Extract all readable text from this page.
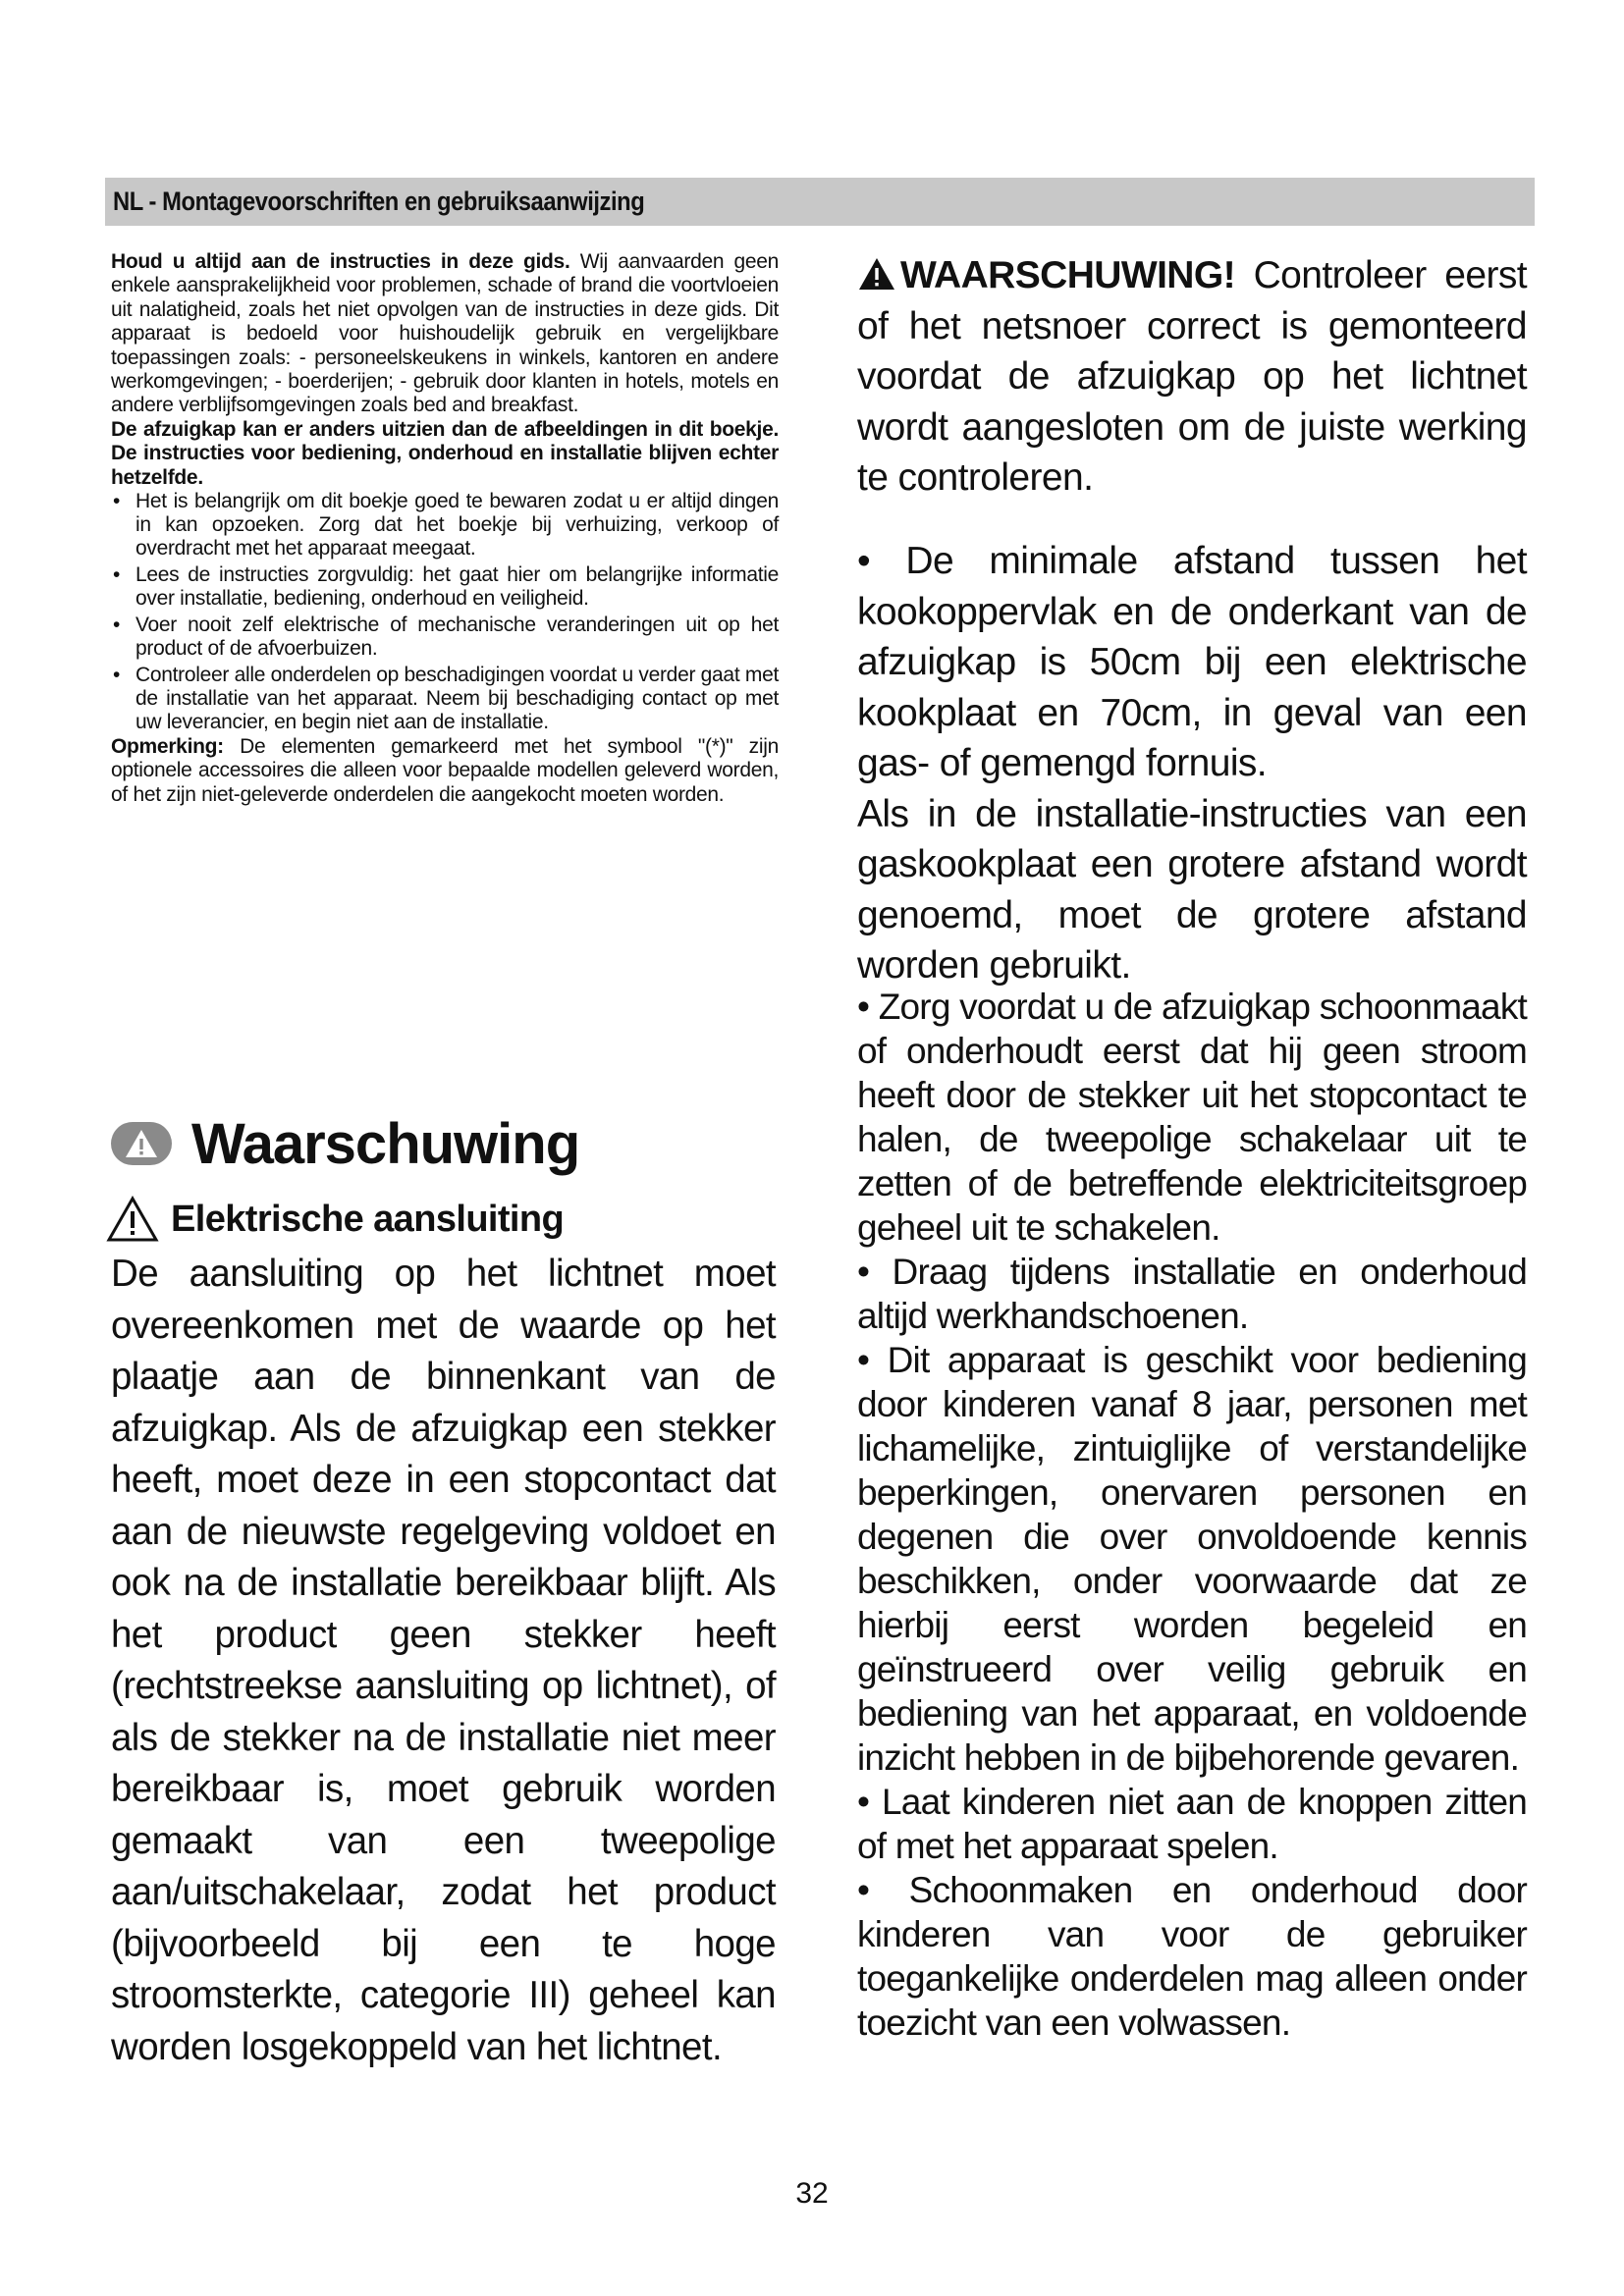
NL - Montagevoorschriften en gebruiksaanwijzing

Houd u altijd aan de instructies in deze gids. Wij aanvaarden geen enkele aansprakelijkheid voor problemen, schade of brand die voortvloeien uit nalatigheid, zoals het niet opvolgen van de instructies in deze gids. Dit apparaat is bedoeld voor huishoudelijk gebruik en vergelijkbare toepassingen zoals: - personeelskeukens in winkels, kantoren en andere werkomgevingen; - boerderijen; - gebruik door klanten in hotels, motels en andere verblijfsomgevingen zoals bed and breakfast.

De afzuigkap kan er anders uitzien dan de afbeeldingen in dit boekje. De instructies voor bediening, onderhoud en installatie blijven echter hetzelfde.

• Het is belangrijk om dit boekje goed te bewaren zodat u er altijd dingen in kan opzoeken. Zorg dat het boekje bij verhuizing, verkoop of overdracht met het apparaat meegaat.
• Lees de instructies zorgvuldig: het gaat hier om belangrijke informatie over installatie, bediening, onderhoud en veiligheid.
• Voer nooit zelf elektrische of mechanische veranderingen uit op het product of de afvoerbuizen.
• Controleer alle onderdelen op beschadigingen voordat u verder gaat met de installatie van het apparaat. Neem bij beschadiging contact op met uw leverancier, en begin niet aan de installatie.

Opmerking: De elementen gemarkeerd met het symbool "(*)" zijn optionele accessoires die alleen voor bepaalde modellen geleverd worden, of het zijn niet-geleverde onderdelen die aangekocht moeten worden.

Waarschuwing
Elektrische aansluiting
De aansluiting op het lichtnet moet overeenkomen met de waarde op het plaatje aan de binnenkant van de afzuigkap. Als de afzuigkap een stekker heeft, moet deze in een stopcontact dat aan de nieuwste regelgeving voldoet en ook na de installatie bereikbaar blijft. Als het product geen stekker heeft (rechtstreekse aansluiting op lichtnet), of als de stekker na de installatie niet meer bereikbaar is, moet gebruik worden gemaakt van een tweepolige aan/uitschakelaar, zodat het product (bijvoorbeeld bij een te hoge stroomsterkte, categorie III) geheel kan worden losgekoppeld van het lichtnet.
WAARSCHUWING! Controleer eerst of het netsnoer correct is gemonteerd voordat de afzuigkap op het lichtnet wordt aangesloten om de juiste werking te controleren.
• De minimale afstand tussen het kookoppervlak en de onderkant van de afzuigkap is 50cm bij een elektrische kookplaat en 70cm, in geval van een gas- of gemengd fornuis.
Als in de installatie-instructies van een gaskookplaat een grotere afstand wordt genoemd, moet de grotere afstand worden gebruikt.

• Zorg voordat u de afzuigkap schoonmaakt of onderhoudt eerst dat hij geen stroom heeft door de stekker uit het stopcontact te halen, de tweepolige schakelaar uit te zetten of de betreffende elektriciteitsgroep geheel uit te schakelen.

• Draag tijdens installatie en onderhoud altijd werkhandschoenen.

• Dit apparaat is geschikt voor bediening door kinderen vanaf 8 jaar, personen met lichamelijke, zintuiglijke of verstandelijke beperkingen, onervaren personen en degenen die over onvoldoende kennis beschikken, onder voorwaarde dat ze hierbij eerst worden begeleid en geïnstrueerd over veilig gebruik en bediening van het apparaat, en voldoende inzicht hebben in de bijbehorende gevaren.

• Laat kinderen niet aan de knoppen zitten of met het apparaat spelen.

• Schoonmaken en onderhoud door kinderen van voor de gebruiker toegankelijke onderdelen mag alleen onder toezicht van een volwassen.

32
